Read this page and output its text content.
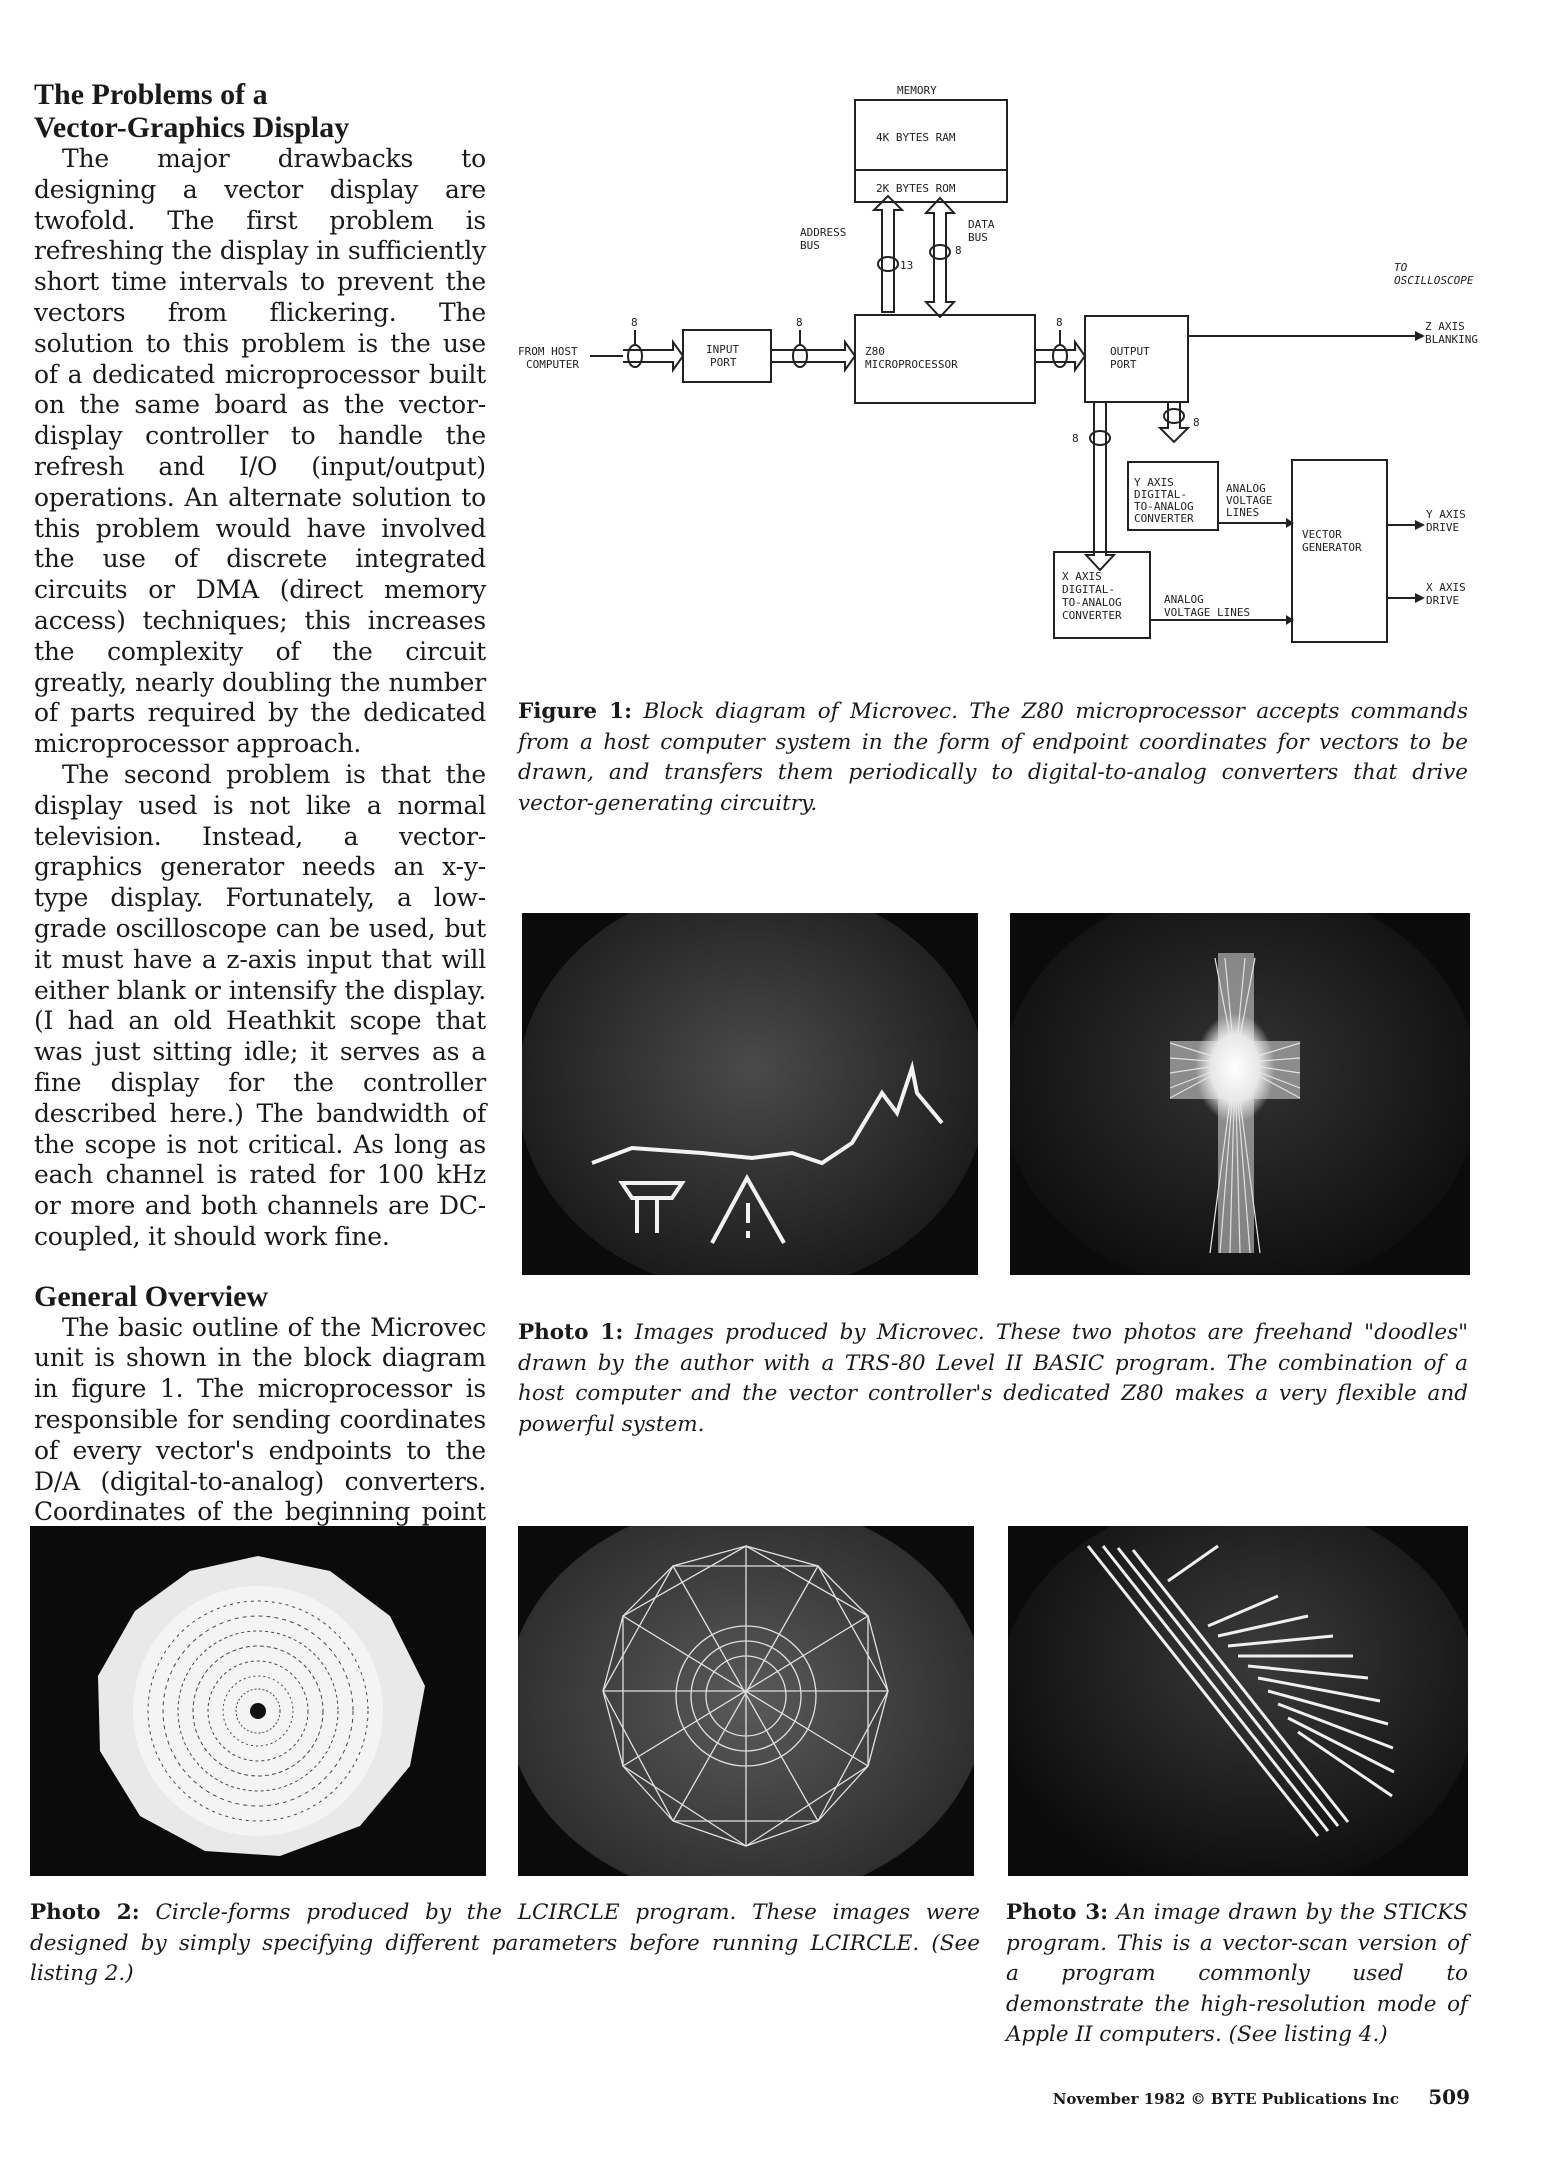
The Problems of a
Vector-Graphics Display

The major drawbacks to designing a vector display are twofold. The first problem is refreshing the display in sufficiently short time intervals to prevent the vectors from flickering. The solution to this problem is the use of a dedicated microprocessor built on the same board as the vector-display controller to handle the refresh and I/O (input/output) operations. An alternate solution to this problem would have involved the use of discrete integrated circuits or DMA (direct memory access) techniques; this increases the complexity of the circuit greatly, nearly doubling the number of parts required by the dedicated microprocessor approach.

The second problem is that the display used is not like a normal television. Instead, a vector-graphics generator needs an x-y-type display. Fortunately, a low-grade oscilloscope can be used, but it must have a z-axis input that will either blank or intensify the display. (I had an old Heathkit scope that was just sitting idle; it serves as a fine display for the controller described here.) The bandwidth of the scope is not critical. As long as each channel is rated for 100 kHz or more and both channels are DC-coupled, it should work fine.

General Overview

The basic outline of the Microvec unit is shown in the block diagram in figure 1. The microprocessor is responsible for sending coordinates of every vector's endpoints to the D/A (digital-to-analog) converters. Coordinates of the beginning point

MEMORY
4K BYTES RAM
2K BYTES ROM
ADDRESS
BUS
DATA
BUS
13
8
FROM HOST
COMPUTER
8	8	8
INPUT
PORT
Z80
MICROPROCESSOR
OUTPUT
PORT
TO
OSCILLOSCOPE
Z AXIS
BLANKING
8
8
Y AXIS
DIGITAL-
TO-ANALOG
CONVERTER
ANALOG
VOLTAGE
LINES
VECTOR
GENERATOR
Y AXIS
DRIVE
X AXIS
DIGITAL-
TO-ANALOG
CONVERTER
ANALOG
VOLTAGE LINES
X AXIS
DRIVE

Figure 1: Block diagram of Microvec. The Z80 microprocessor accepts commands from a host computer system in the form of endpoint coordinates for vectors to be drawn, and transfers them periodically to digital-to-analog converters that drive vector-generating circuitry.

Photo 1: Images produced by Microvec. These two photos are freehand "doodles" drawn by the author with a TRS-80 Level II BASIC program. The combination of a host computer and the vector controller's dedicated Z80 makes a very flexible and powerful system.

Photo 2: Circle-forms produced by the LCIRCLE program. These images were designed by simply specifying different parameters before running LCIRCLE. (See listing 2.)

Photo 3: An image drawn by the STICKS program. This is a vector-scan version of a program commonly used to demonstrate the high-resolution mode of Apple II computers. (See listing 4.)

November 1982 © BYTE Publications Inc 509
